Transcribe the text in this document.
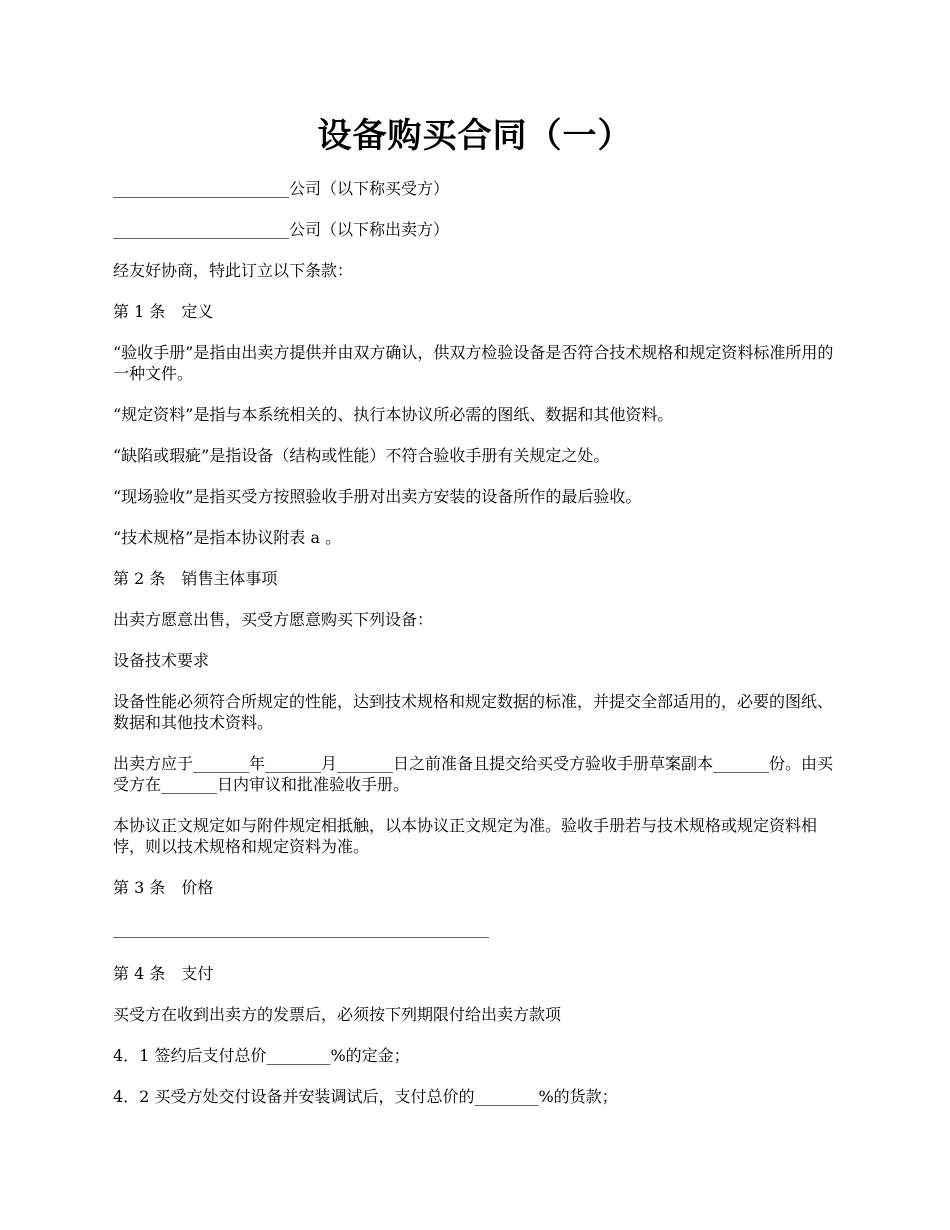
设备购买合同（一）

______________________公司（以下称买受方）

______________________公司（以下称出卖方）

经友好协商，特此订立以下条款：

第 1 条　定义

“验收手册”是指由出卖方提供并由双方确认，供双方检验设备是否符合技术规格和规定资料标准所用的一种文件。

“规定资料”是指与本系统相关的、执行本协议所必需的图纸、数据和其他资料。

“缺陷或瑕疵”是指设备（结构或性能）不符合验收手册有关规定之处。

“现场验收”是指买受方按照验收手册对出卖方安装的设备所作的最后验收。

“技术规格”是指本协议附表 a 。

第 2 条　销售主体事项

出卖方愿意出售，买受方愿意购买下列设备：

设备技术要求

设备性能必须符合所规定的性能，达到技术规格和规定数据的标准，并提交全部适用的，必要的图纸、数据和其他技术资料。

出卖方应于_______年_______月_______日之前准备且提交给买受方验收手册草案副本_______份。由买受方在_______日内审议和批准验收手册。

本协议正文规定如与附件规定相抵触，以本协议正文规定为准。验收手册若与技术规格或规定资料相悖，则以技术规格和规定资料为准。

第 3 条　价格

_______________________________________________

第 4 条　支付

买受方在收到出卖方的发票后，必须按下列期限付给出卖方款项

4．1 签约后支付总价________%的定金；

4．2 买受方处交付设备并安装调试后，支付总价的________%的货款；
